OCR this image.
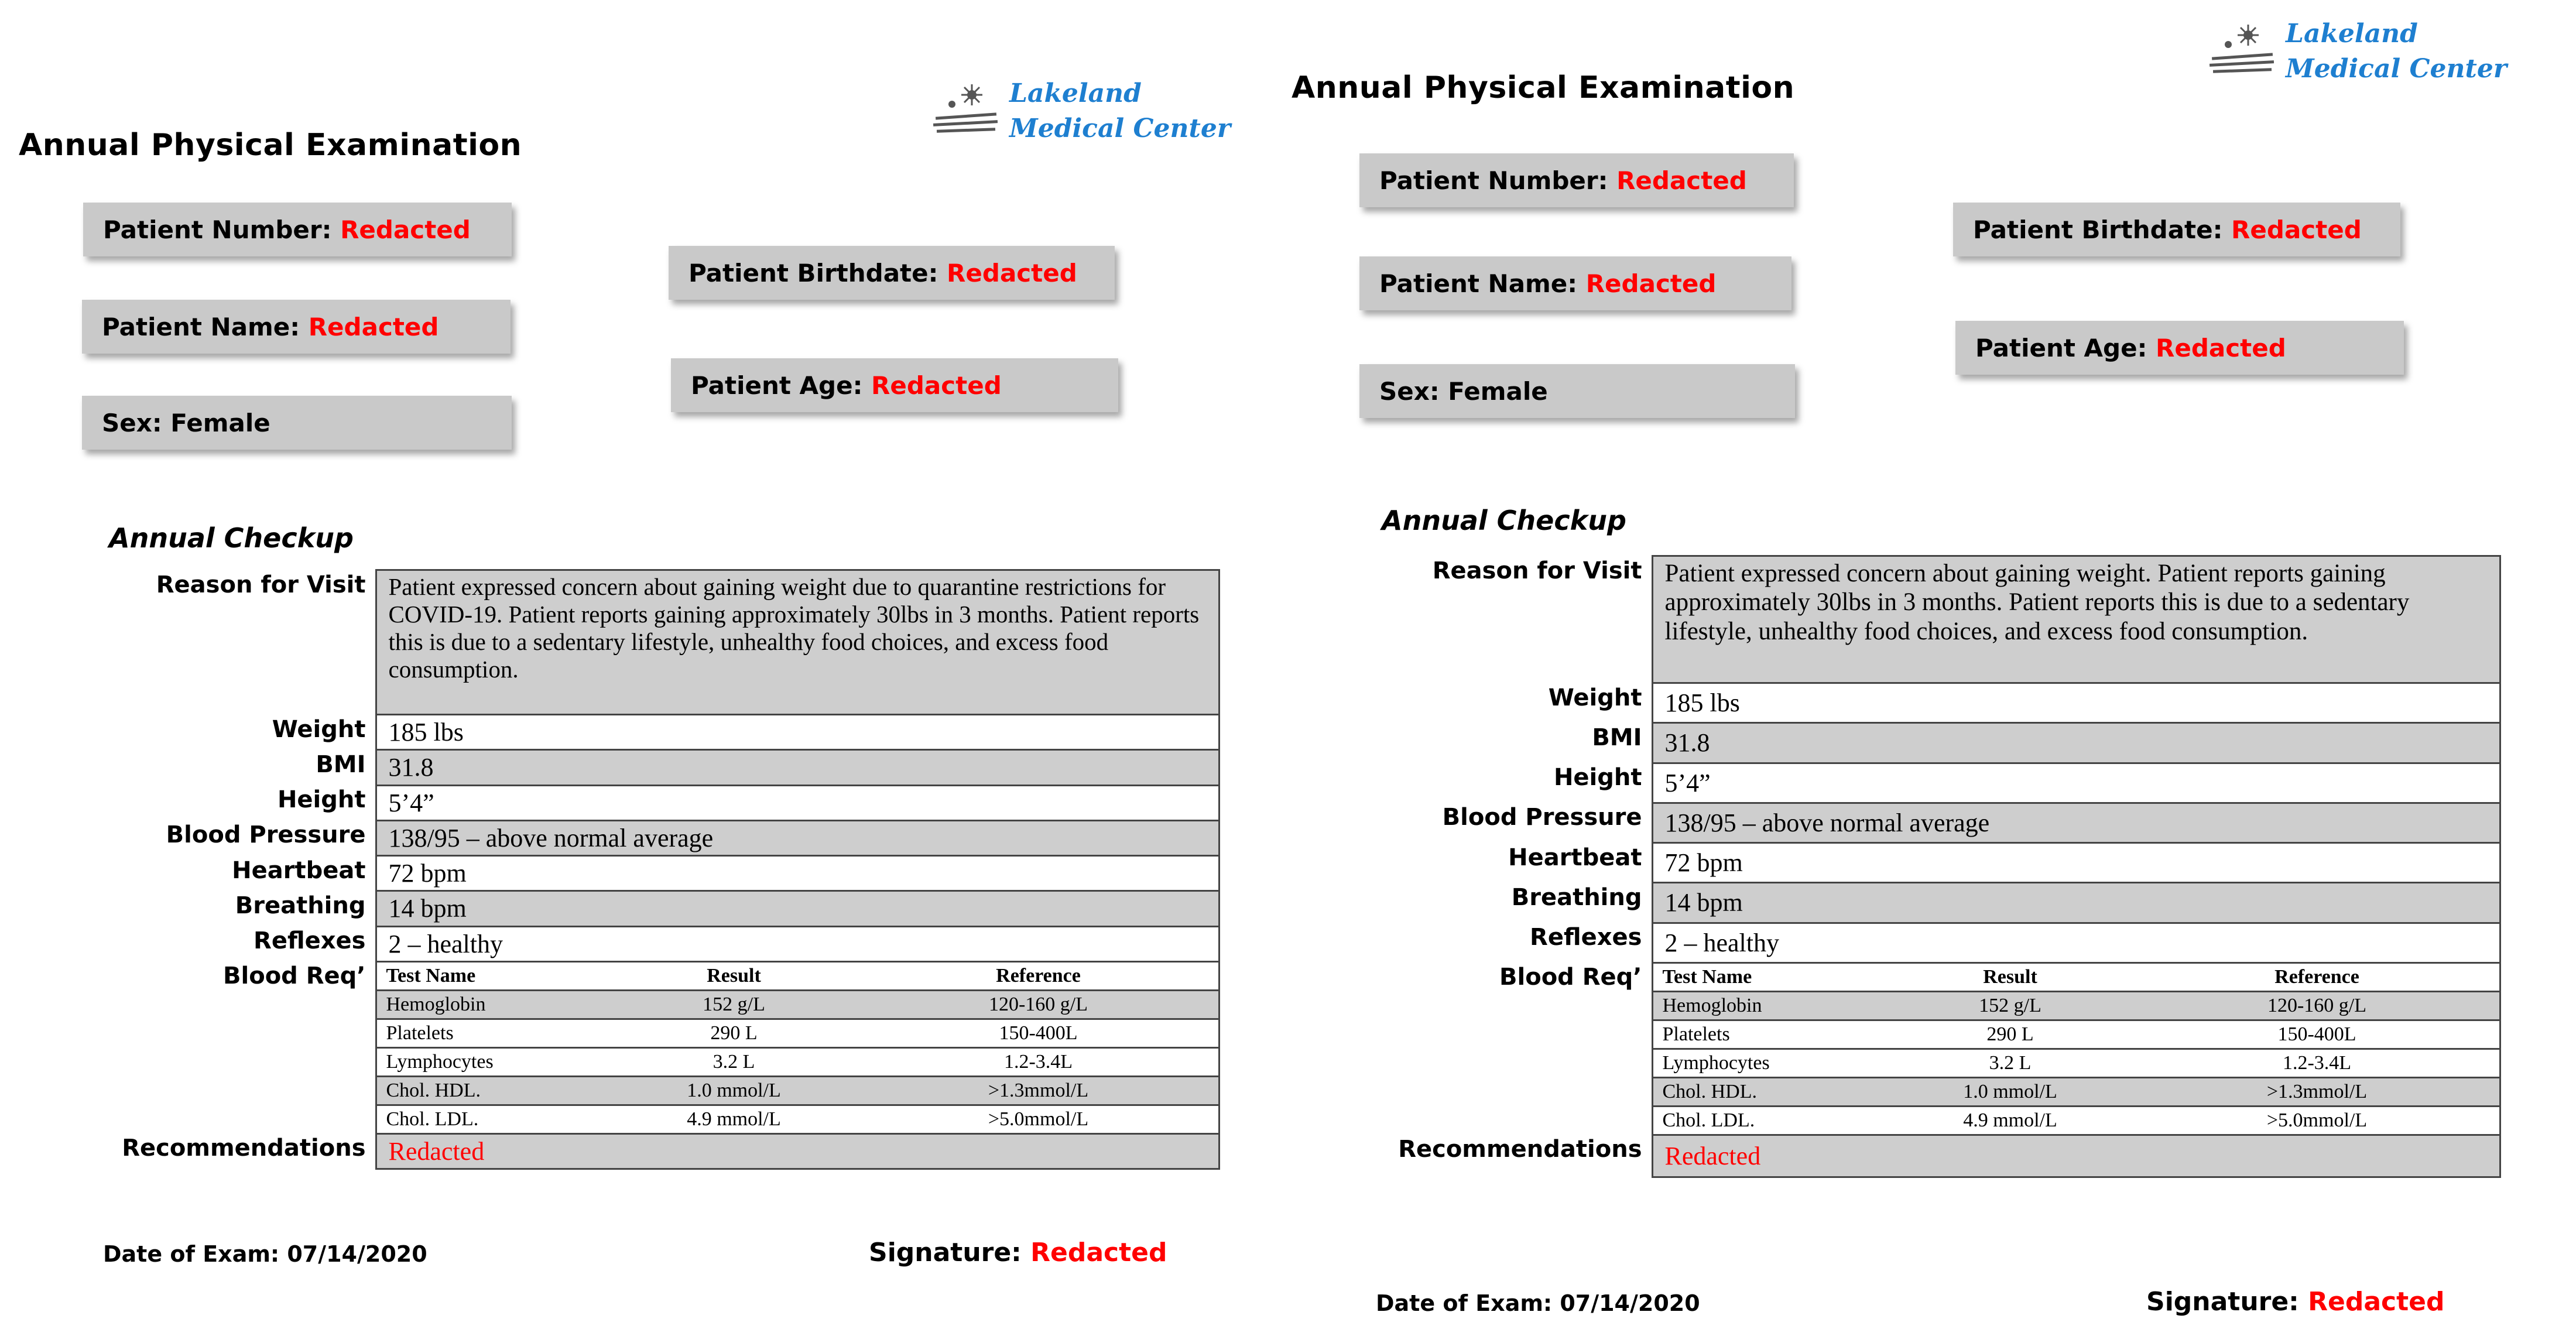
Lakeland
Medical Center
Annual Physical Examination
Patient Number:
Redacted
Patient Name:
Redacted
Sex: Female
Patient Birthdate:
Redacted
Patient Age:
Redacted
Annual Checkup
Reason for Visit	Patient expressed concern about gaining weight due to quarantine restrictions for COVID-19. Patient reports gaining approximately 30lbs in 3 months. Patient reports this is due to a sedentary lifestyle, unhealthy food choices, and excess food consumption.
Weight	185 lbs
BMI	31.8
Height	5’4”
Blood Pressure	138/95 – above normal average
Heartbeat	72 bpm
Breathing	14 bpm
Reflexes	2 – healthy
Blood Req’	Test Name	Result	Reference
Hemoglobin	152 g/L	120-160 g/L
Platelets	290 L	150-400L
Lymphocytes	3.2 L	1.2-3.4L
Chol. HDL.	1.0 mmol/L	>1.3mmol/L
Chol. LDL.	4.9 mmol/L	>5.0mmol/L

Recommendations	Redacted
Date of Exam: 07/14/2020	Signature: Redacted
Lakeland
Medical Center
Annual Physical Examination
Patient Number:
Redacted
Patient Name:
Redacted
Sex: Female
Patient Birthdate:
Redacted
Patient Age:
Redacted
Annual Checkup
Reason for Visit	Patient expressed concern about gaining weight. Patient reports gaining approximately 30lbs in 3 months. Patient reports this is due to a sedentary lifestyle, unhealthy food choices, and excess food consumption.
Weight	185 lbs
BMI	31.8
Height	5’4”
Blood Pressure	138/95 – above normal average
Heartbeat	72 bpm
Breathing	14 bpm
Reflexes	2 – healthy
Blood Req’	Test Name	Result	Reference
Hemoglobin	152 g/L	120-160 g/L
Platelets	290 L	150-400L
Lymphocytes	3.2 L	1.2-3.4L
Chol. HDL.	1.0 mmol/L	>1.3mmol/L
Chol. LDL.	4.9 mmol/L	>5.0mmol/L

Recommendations	Redacted
Date of Exam: 07/14/2020	Signature: Redacted
